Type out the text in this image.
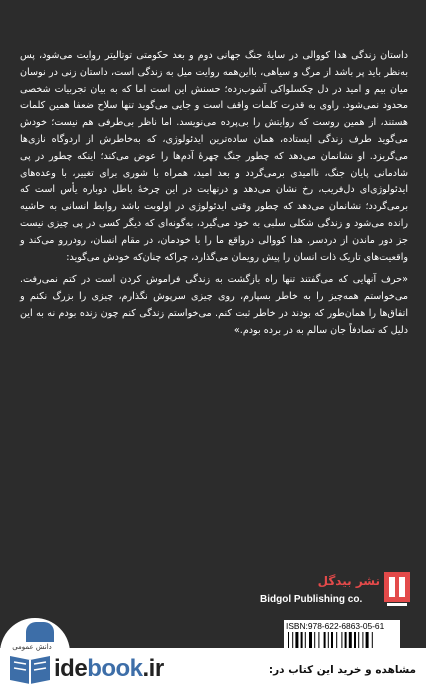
داستان زندگی هدا کووالی در سایهٔ جنگ جهانی دوم و بعد حکومتی توتالیتر روایت می‌شود، پس به‌نظر باید پر باشد از مرگ و سیاهی، با‌این‌همه روایت میل به زندگی است، داستان زنی در نوسان میان بیم و امید در دل چکسلواکی آشوب‌زده؛ حسنش این است اما که به بیان تجربیات شخصی محدود نمی‌شود. راوی به قدرت کلمات واقف است و جایی می‌گوید تنها سلاح ضعفا همین کلمات هستند، از همین روست که روایتش را بی‌پرده می‌نویسد. اما ناظر بی‌طرفی هم نیست؛ خودش می‌گوید طرف زندگی ایستاده، همان ساده‌ترین ایدئولوژی، که به‌خاطرش از اردوگاه نازی‌ها می‌گریزد. او نشانمان می‌دهد که چطور جنگ چهرهٔ آدم‌ها را عوض می‌کند؛ اینکه چطور در پی شادمانی پایان جنگ، ناامیدی برمی‌گردد و بعد امید، همراه با شوری برای تغییر، با وعده‌های ایدئولوژی‌ای دل‌فریب، رخ نشان می‌دهد و درنهایت در این چرخهٔ باطل دوباره یأس است که برمی‌گردد؛ نشانمان می‌دهد که چطور وقتی ایدئولوژی در اولویت باشد روابط انسانی به حاشیه رانده می‌شود و زندگی شکلی سلبی به خود می‌گیرد، به‌گونه‌ای که دیگر کسی در پی چیزی نیست جز دور ماندن از دردسر. هدا کووالی درواقع ما را با خودمان، در مقام انسان، رودررو می‌کند و واقعیت‌های تاریک ذات انسان را پیش رویمان می‌گذارد، چراکه چنان‌که خودش می‌گوید:
«حرف آنهایی که می‌گفتند تنها راه بازگشت به زندگی فراموش کردن است در کتم نمی‌رفت. می‌خواستم همه‌چیز را به خاطر بسپارم، روی چیزی سرپوش نگذارم، چیزی را بزرگ نکنم و اتفاق‌ها را همان‌طور که بودند در خاطر ثبت کنم. می‌خواستم زندگی کنم چون زنده بودم نه به این دلیل که تصادفاً جان سالم به در برده بودم.»
نشر بیدگل
Bidgol Publishing co.
ISBN:978-622-6863-05-61
دانش عمومی
idebook.ir	مشاهده و خرید این کتاب در:
